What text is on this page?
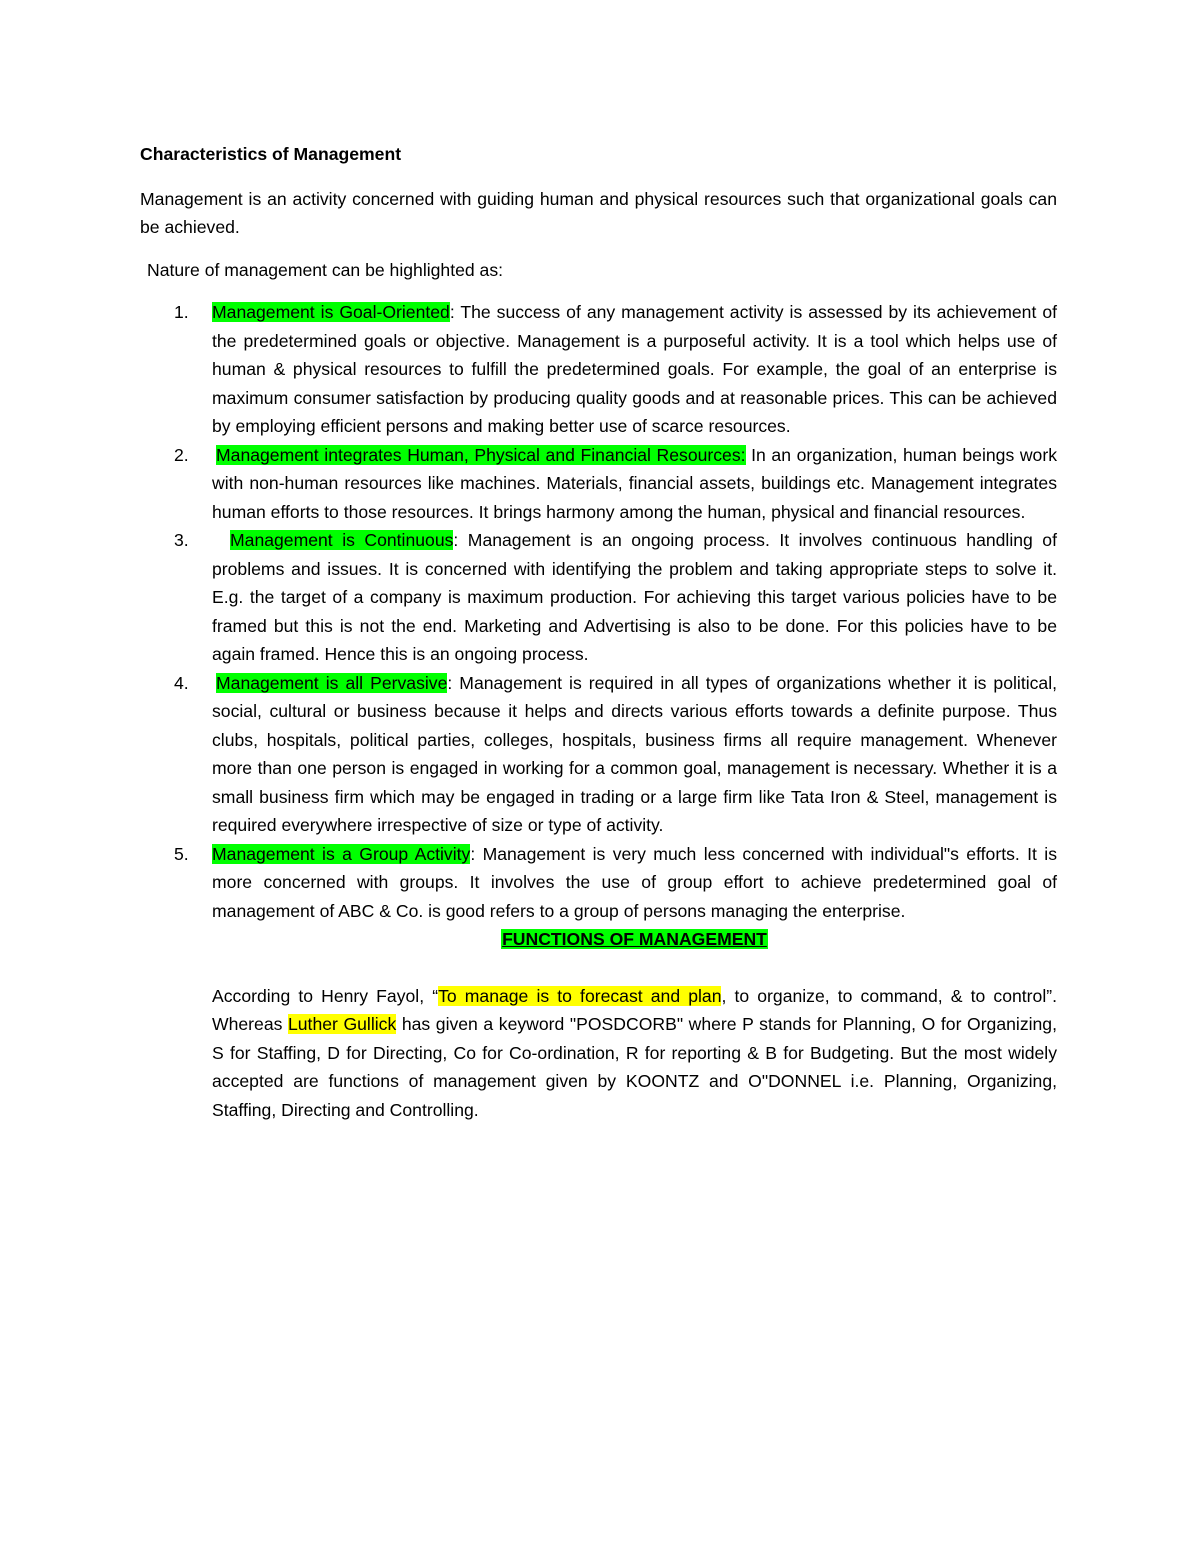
Characteristics of Management

Management is an activity concerned with guiding human and physical resources such that organizational goals can be achieved.

Nature of management can be highlighted as:

1. Management is Goal-Oriented: The success of any management activity is assessed by its achievement of the predetermined goals or objective. Management is a purposeful activity. It is a tool which helps use of human & physical resources to fulfill the predetermined goals. For example, the goal of an enterprise is maximum consumer satisfaction by producing quality goods and at reasonable prices. This can be achieved by employing efficient persons and making better use of scarce resources.
2. Management integrates Human, Physical and Financial Resources: In an organization, human beings work with non-human resources like machines. Materials, financial assets, buildings etc. Management integrates human efforts to those resources. It brings harmony among the human, physical and financial resources.
3. Management is Continuous: Management is an ongoing process. It involves continuous handling of problems and issues. It is concerned with identifying the problem and taking appropriate steps to solve it. E.g. the target of a company is maximum production. For achieving this target various policies have to be framed but this is not the end. Marketing and Advertising is also to be done. For this policies have to be again framed. Hence this is an ongoing process.
4. Management is all Pervasive: Management is required in all types of organizations whether it is political, social, cultural or business because it helps and directs various efforts towards a definite purpose. Thus clubs, hospitals, political parties, colleges, hospitals, business firms all require management. Whenever more than one person is engaged in working for a common goal, management is necessary. Whether it is a small business firm which may be engaged in trading or a large firm like Tata Iron & Steel, management is required everywhere irrespective of size or type of activity.
5. Management is a Group Activity: Management is very much less concerned with individual"s efforts. It is more concerned with groups. It involves the use of group effort to achieve predetermined goal of management of ABC & Co. is good refers to a group of persons managing the enterprise.

FUNCTIONS OF MANAGEMENT

According to Henry Fayol, “To manage is to forecast and plan, to organize, to command, & to control”. Whereas Luther Gullick has given a keyword "POSDCORB" where P stands for Planning, O for Organizing, S for Staffing, D for Directing, Co for Co-ordination, R for reporting & B for Budgeting. But the most widely accepted are functions of management given by KOONTZ and O"DONNEL i.e. Planning, Organizing, Staffing, Directing and Controlling.
